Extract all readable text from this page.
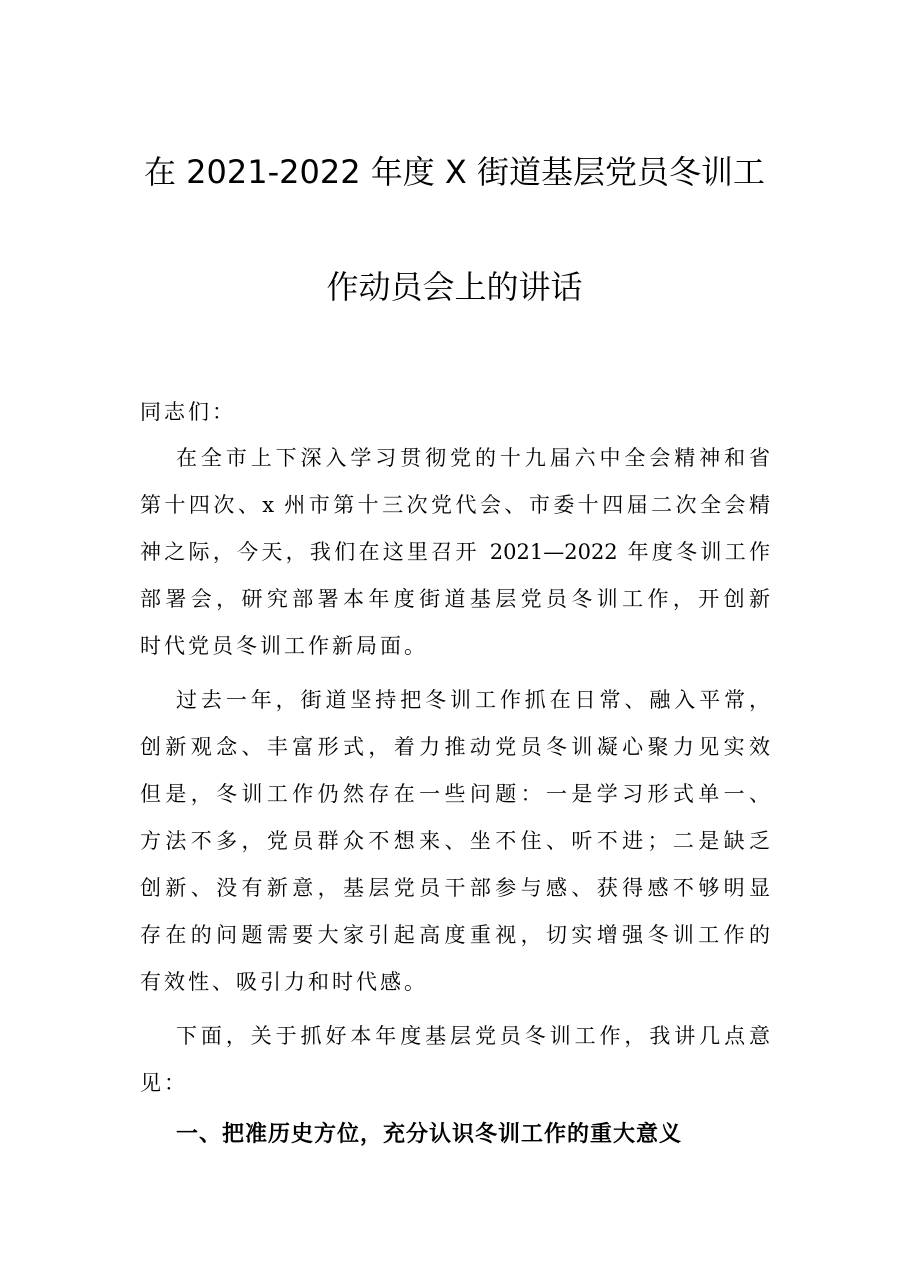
在 2021-2022 年度 X 街道基层党员冬训工
作动员会上的讲话
同志们：
在全市上下深入学习贯彻党的十九届六中全会精神和省
第十四次、x 州市第十三次党代会、市委十四届二次全会精
神之际，今天，我们在这里召开 2021—2022 年度冬训工作
部署会，研究部署本年度街道基层党员冬训工作，开创新
时代党员冬训工作新局面。
过去一年，街道坚持把冬训工作抓在日常、融入平常，
创新观念、丰富形式，着力推动党员冬训凝心聚力见实效
但是，冬训工作仍然存在一些问题：一是学习形式单一、
方法不多，党员群众不想来、坐不住、听不进；二是缺乏
创新、没有新意，基层党员干部参与感、获得感不够明显
存在的问题需要大家引起高度重视，切实增强冬训工作的
有效性、吸引力和时代感。
下面，关于抓好本年度基层党员冬训工作，我讲几点意
见：
一、把准历史方位，充分认识冬训工作的重大意义
